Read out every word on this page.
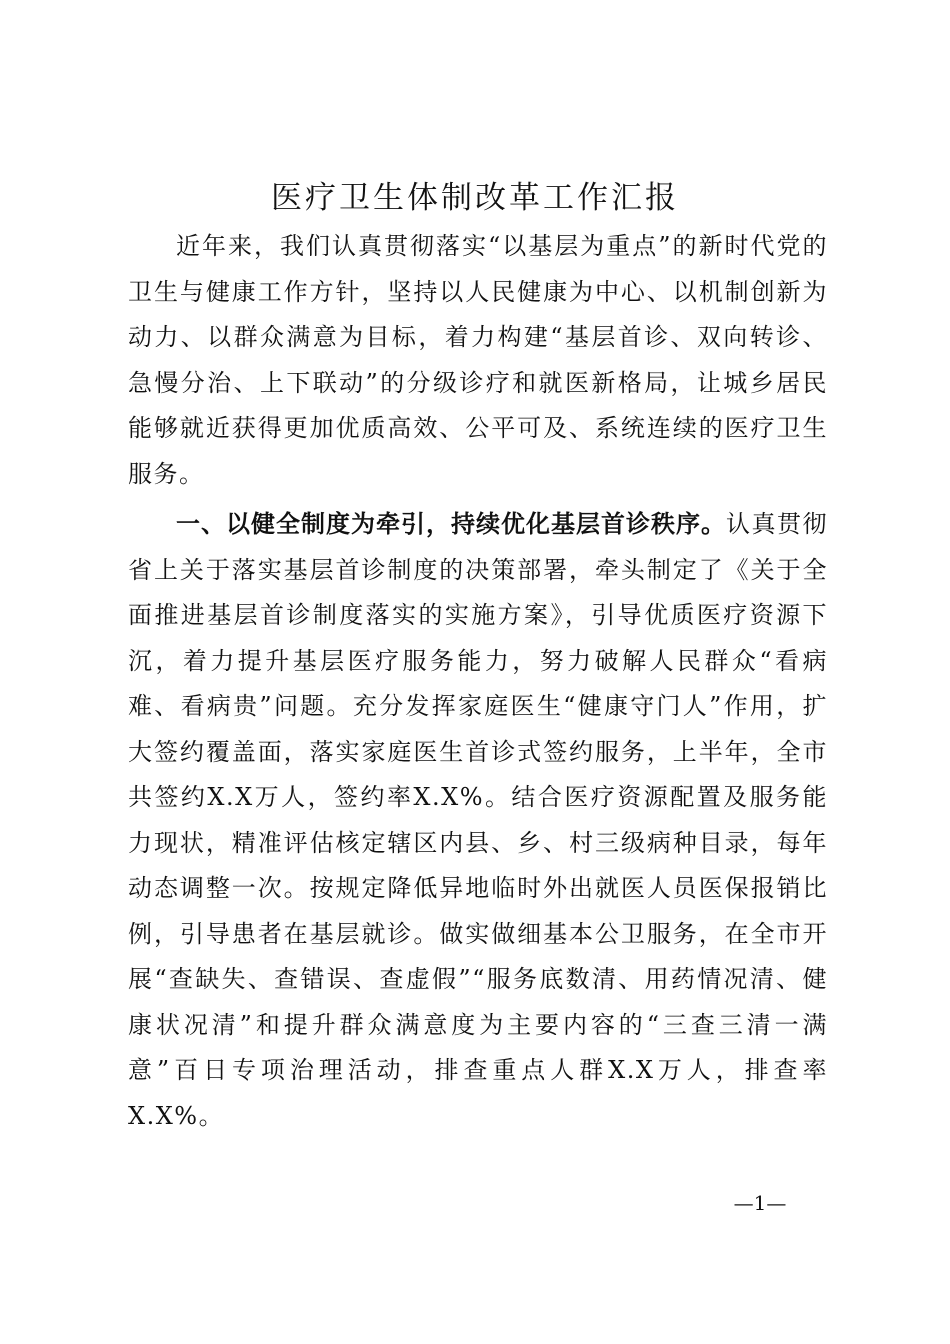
医疗卫生体制改革工作汇报

近年来，我们认真贯彻落实“以基层为重点”的新时代党的卫生与健康工作方针，坚持以人民健康为中心、以机制创新为动力、以群众满意为目标，着力构建“基层首诊、双向转诊、急慢分治、上下联动”的分级诊疗和就医新格局，让城乡居民能够就近获得更加优质高效、公平可及、系统连续的医疗卫生服务。

一、以健全制度为牵引，持续优化基层首诊秩序。认真贯彻省上关于落实基层首诊制度的决策部署，牵头制定了《关于全面推进基层首诊制度落实的实施方案》，引导优质医疗资源下沉，着力提升基层医疗服务能力，努力破解人民群众“看病难、看病贵”问题。充分发挥家庭医生“健康守门人”作用，扩大签约覆盖面，落实家庭医生首诊式签约服务，上半年，全市共签约X.X万人，签约率X.X%。结合医疗资源配置及服务能力现状，精准评估核定辖区内县、乡、村三级病种目录，每年动态调整一次。按规定降低异地临时外出就医人员医保报销比例，引导患者在基层就诊。做实做细基本公卫服务，在全市开展“查缺失、查错误、查虚假”“服务底数清、用药情况清、健康状况清”和提升群众满意度为主要内容的“三查三清一满意”百日专项治理活动，排查重点人群X.X万人，排查率X.X%。

—1—
